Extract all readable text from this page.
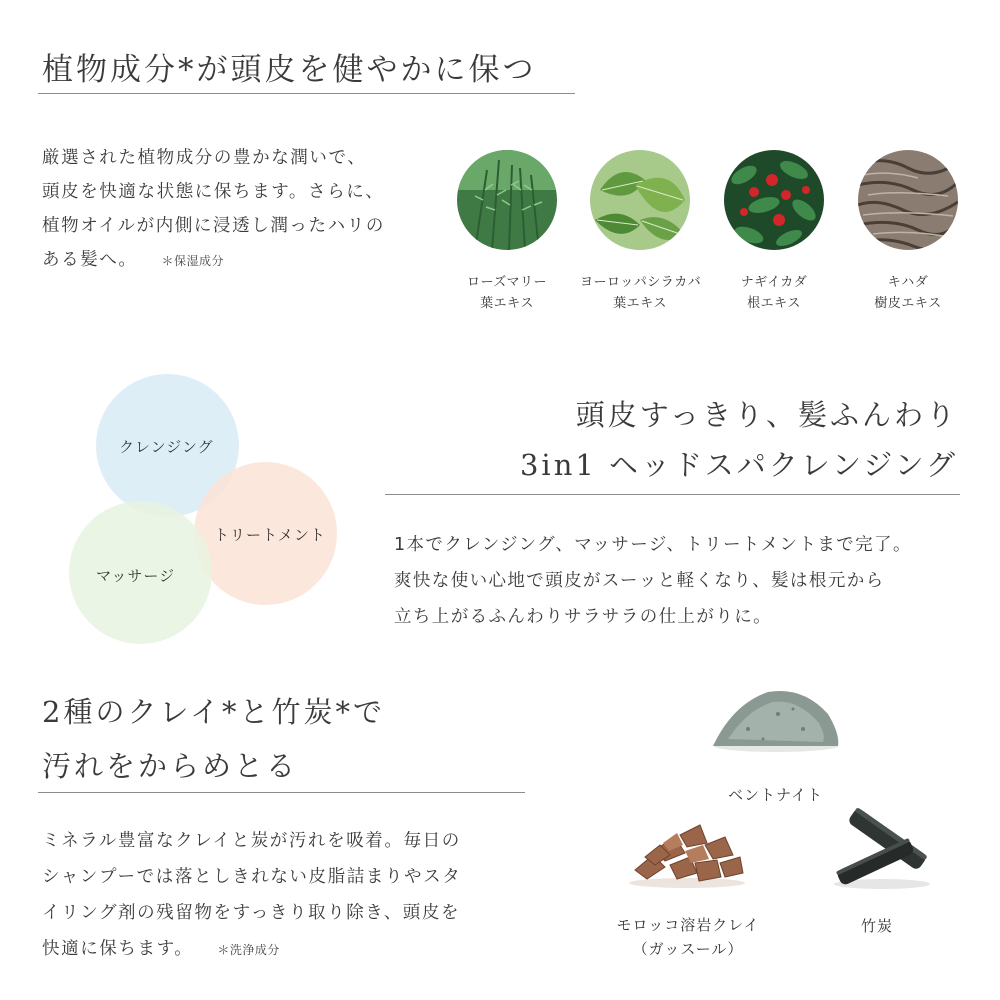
植物成分*が頭皮を健やかに保つ
厳選された植物成分の豊かな潤いで、
頭皮を快適な状態に保ちます。さらに、
植物オイルが内側に浸透し潤ったハリの
ある髪へ。 ＊保湿成分
ローズマリー
葉エキス
ヨーロッパシラカバ
葉エキス
ナギイカダ
根エキス
キハダ
樹皮エキス
クレンジング
トリートメント
マッサージ
頭皮すっきり、髪ふんわり
3in1 ヘッドスパクレンジング
1本でクレンジング、マッサージ、トリートメントまで完了。
爽快な使い心地で頭皮がスーッと軽くなり、髪は根元から
立ち上がるふんわりサラサラの仕上がりに。
2種のクレイ*と竹炭*で
汚れをからめとる
ミネラル豊富なクレイと炭が汚れを吸着。毎日の
シャンプーでは落としきれない皮脂詰まりやスタ
イリング剤の残留物をすっきり取り除き、頭皮を
快適に保ちます。 ＊洗浄成分
ベントナイト
モロッコ溶岩クレイ
（ガッスール）
竹炭
